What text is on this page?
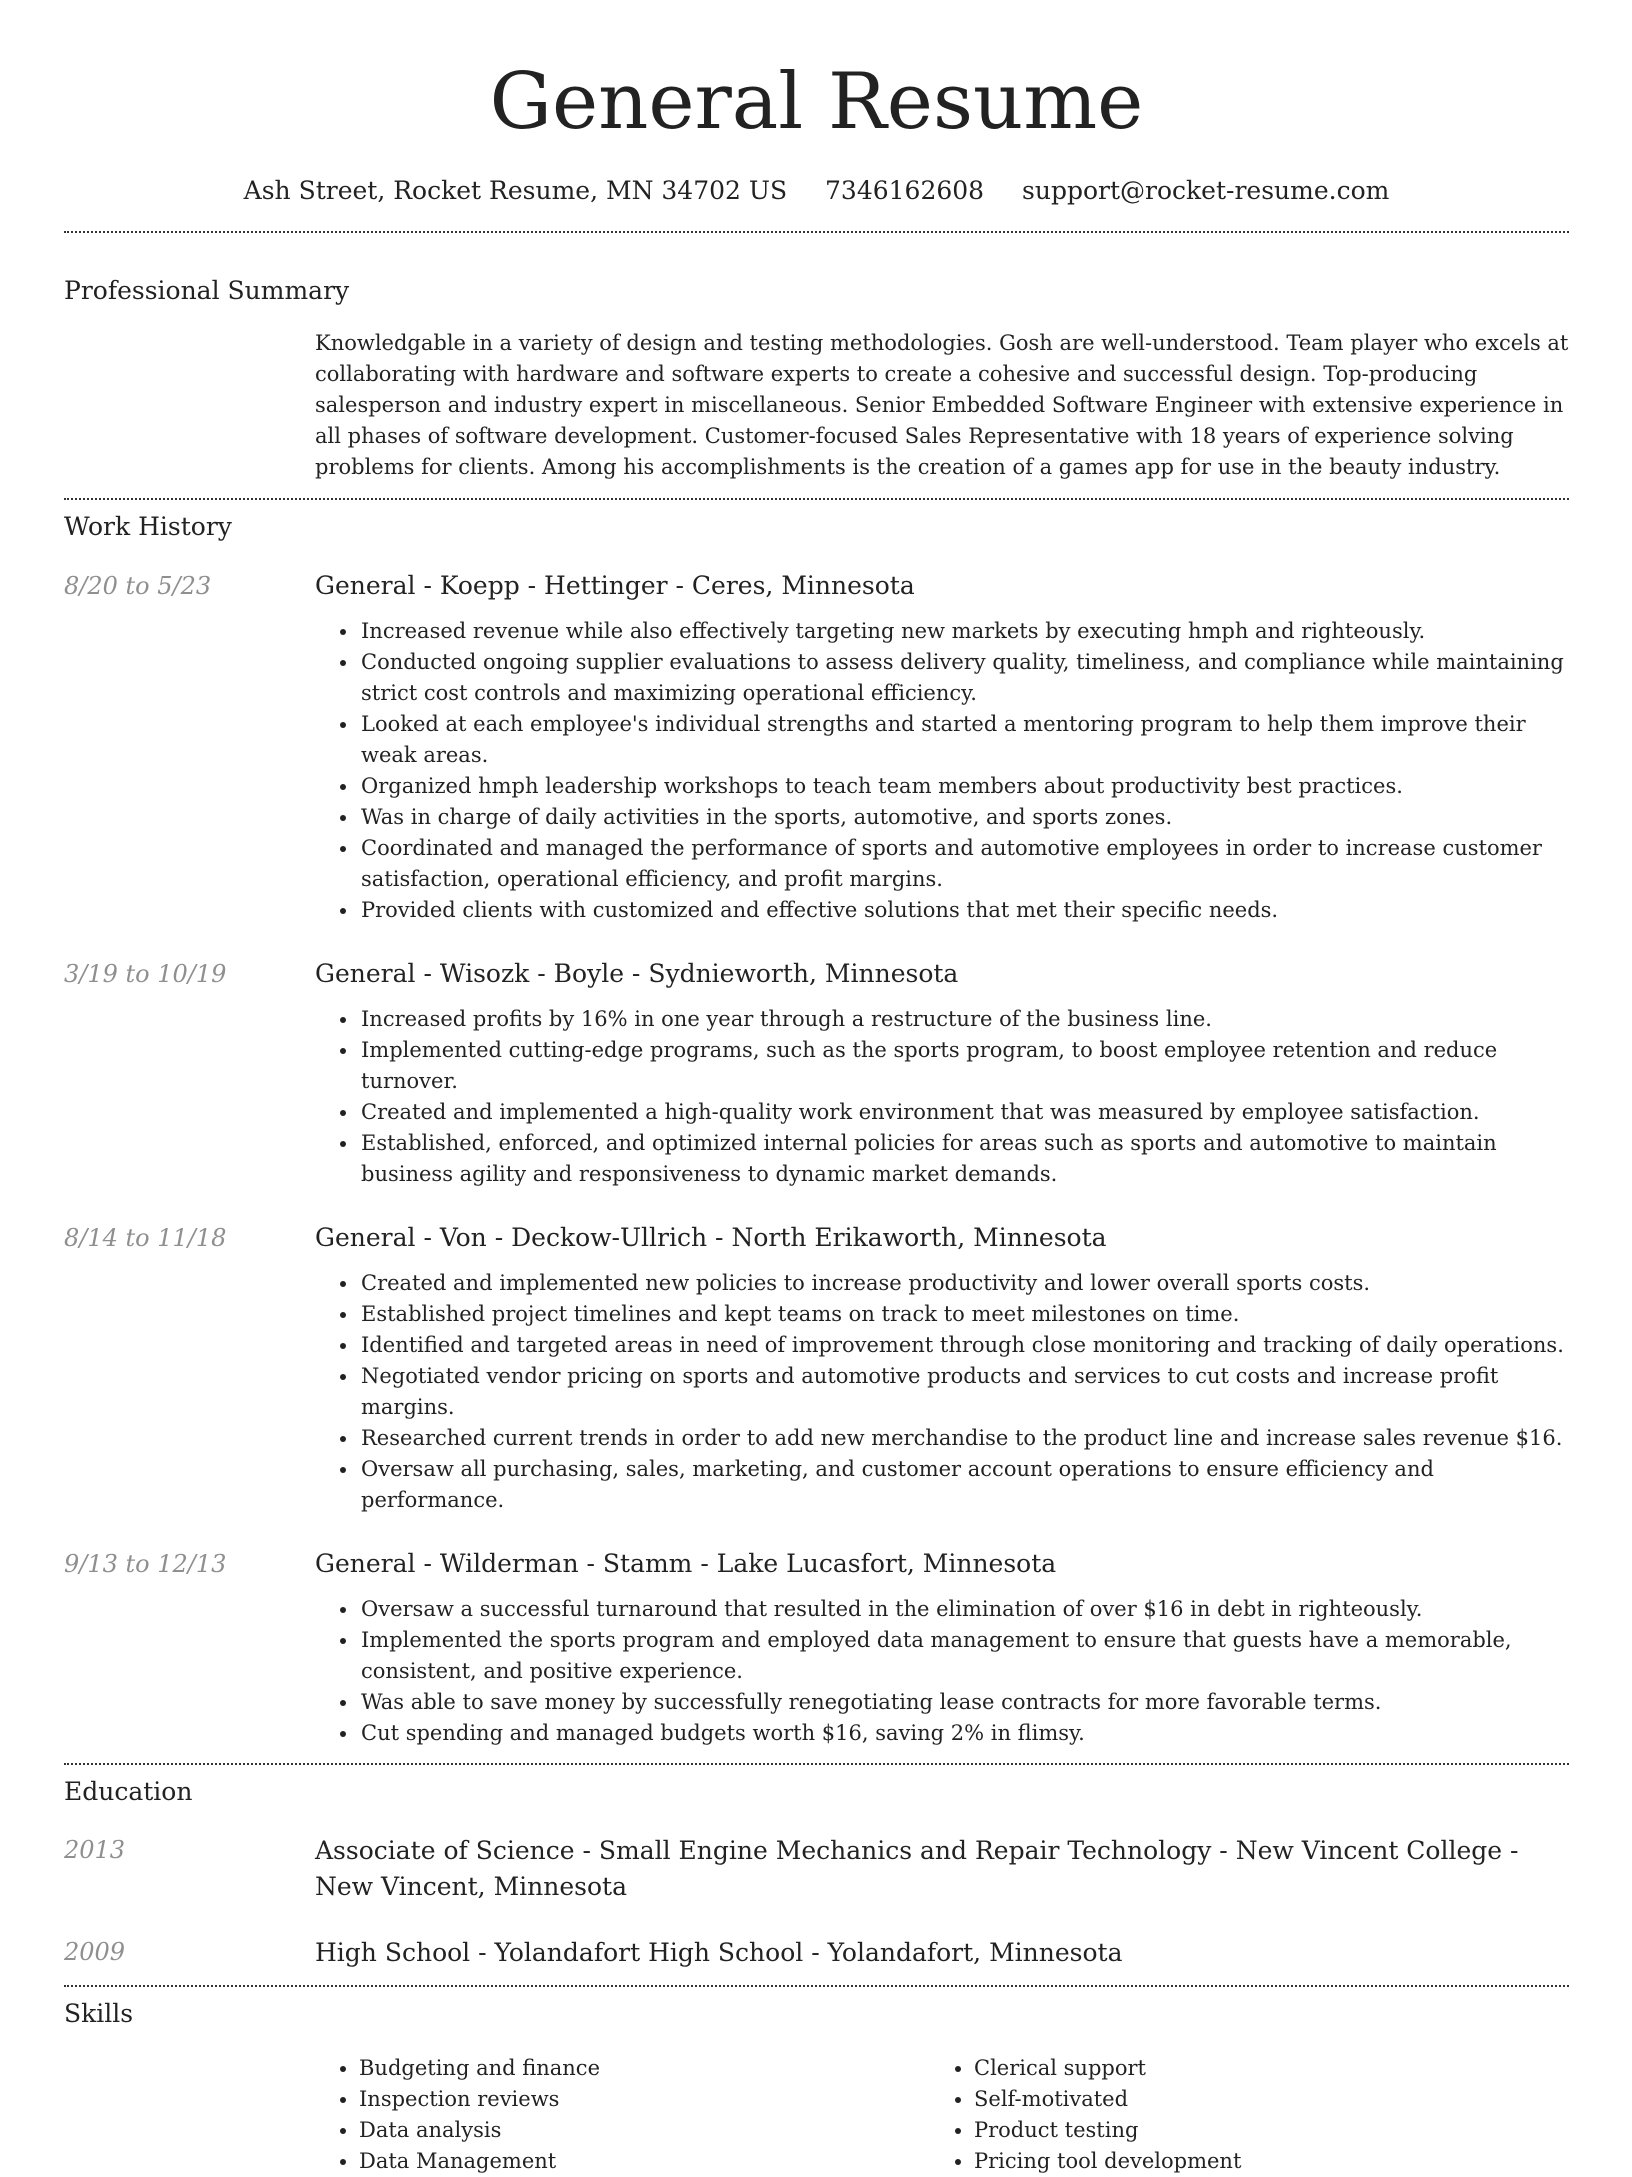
General Resume
Ash Street, Rocket Resume, MN 34702 US 7346162608 support@rocket-resume.com
Professional Summary
Knowledgable in a variety of design and testing methodologies. Gosh are well-understood. Team player who excels at collaborating with hardware and software experts to create a cohesive and successful design. Top-producing salesperson and industry expert in miscellaneous. Senior Embedded Software Engineer with extensive experience in all phases of software development. Customer-focused Sales Representative with 18 years of experience solving problems for clients. Among his accomplishments is the creation of a games app for use in the beauty industry.
Work History
8/20 to 5/23	General - Koepp - Hettinger - Ceres, Minnesota
• Increased revenue while also effectively targeting new markets by executing hmph and righteously.
• Conducted ongoing supplier evaluations to assess delivery quality, timeliness, and compliance while maintaining strict cost controls and maximizing operational efficiency.
• Looked at each employee's individual strengths and started a mentoring program to help them improve their weak areas.
• Organized hmph leadership workshops to teach team members about productivity best practices.
• Was in charge of daily activities in the sports, automotive, and sports zones.
• Coordinated and managed the performance of sports and automotive employees in order to increase customer satisfaction, operational efficiency, and profit margins.
• Provided clients with customized and effective solutions that met their specific needs.
3/19 to 10/19	General - Wisozk - Boyle - Sydnieworth, Minnesota
• Increased profits by 16% in one year through a restructure of the business line.
• Implemented cutting-edge programs, such as the sports program, to boost employee retention and reduce turnover.
• Created and implemented a high-quality work environment that was measured by employee satisfaction.
• Established, enforced, and optimized internal policies for areas such as sports and automotive to maintain business agility and responsiveness to dynamic market demands.
8/14 to 11/18	General - Von - Deckow-Ullrich - North Erikaworth, Minnesota
• Created and implemented new policies to increase productivity and lower overall sports costs.
• Established project timelines and kept teams on track to meet milestones on time.
• Identified and targeted areas in need of improvement through close monitoring and tracking of daily operations.
• Negotiated vendor pricing on sports and automotive products and services to cut costs and increase profit margins.
• Researched current trends in order to add new merchandise to the product line and increase sales revenue $16.
• Oversaw all purchasing, sales, marketing, and customer account operations to ensure efficiency and performance.
9/13 to 12/13	General - Wilderman - Stamm - Lake Lucasfort, Minnesota
• Oversaw a successful turnaround that resulted in the elimination of over $16 in debt in righteously.
• Implemented the sports program and employed data management to ensure that guests have a memorable, consistent, and positive experience.
• Was able to save money by successfully renegotiating lease contracts for more favorable terms.
• Cut spending and managed budgets worth $16, saving 2% in flimsy.
Education
2013	Associate of Science - Small Engine Mechanics and Repair Technology - New Vincent College - New Vincent, Minnesota
2009	High School - Yolandafort High School - Yolandafort, Minnesota
Skills
• Budgeting and finance
• Inspection reviews
• Data analysis
• Data Management
• Clerical support
• Self-motivated
• Product testing
• Pricing tool development
